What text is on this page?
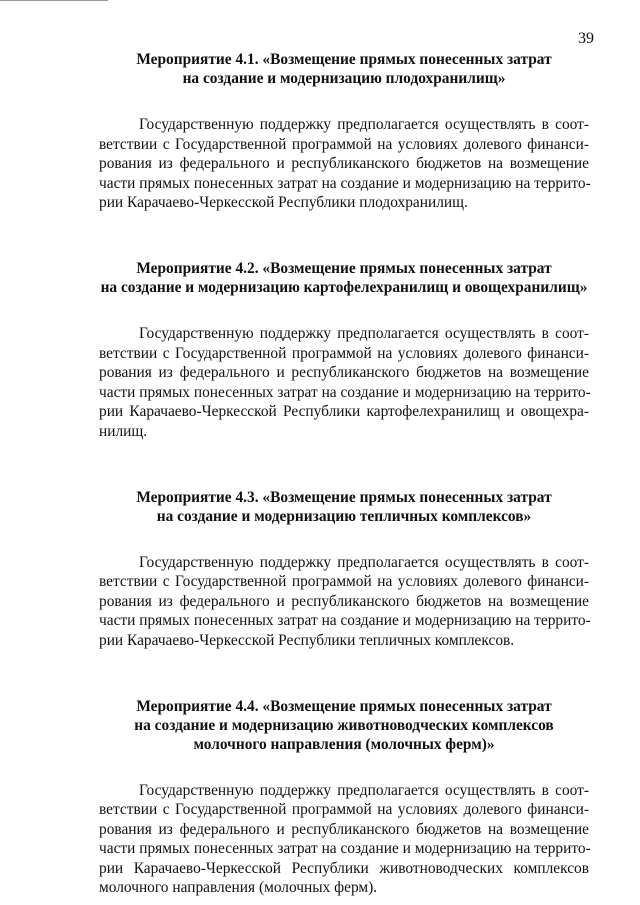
39
Мероприятие 4.1. «Возмещение прямых понесенных затрат
на создание и модернизацию плодохранилищ»

Государственную поддержку предполагается осуществлять в соот-
ветствии с Государственной программой на условиях долевого финанси-
рования из федерального и республиканского бюджетов на возмещение
части прямых понесенных затрат на создание и модернизацию на террито-
рии Карачаево-Черкесской Республики плодохранилищ.

Мероприятие 4.2. «Возмещение прямых понесенных затрат
на создание и модернизацию картофелехранилищ и овощехранилищ»

Государственную поддержку предполагается осуществлять в соот-
ветствии с Государственной программой на условиях долевого финанси-
рования из федерального и республиканского бюджетов на возмещение
части прямых понесенных затрат на создание и модернизацию на террито-
рии Карачаево-Черкесской Республики картофелехранилищ и овощехра-
нилищ.

Мероприятие 4.3. «Возмещение прямых понесенных затрат
на создание и модернизацию тепличных комплексов»

Государственную поддержку предполагается осуществлять в соот-
ветствии с Государственной программой на условиях долевого финанси-
рования из федерального и республиканского бюджетов на возмещение
части прямых понесенных затрат на создание и модернизацию на террито-
рии Карачаево-Черкесской Республики тепличных комплексов.

Мероприятие 4.4. «Возмещение прямых понесенных затрат
на создание и модернизацию животноводческих комплексов
молочного направления (молочных ферм)»

Государственную поддержку предполагается осуществлять в соот-
ветствии с Государственной программой на условиях долевого финанси-
рования из федерального и республиканского бюджетов на возмещение
части прямых понесенных затрат на создание и модернизацию на террито-
рии Карачаево-Черкесской Республики животноводческих комплексов
молочного направления (молочных ферм).
